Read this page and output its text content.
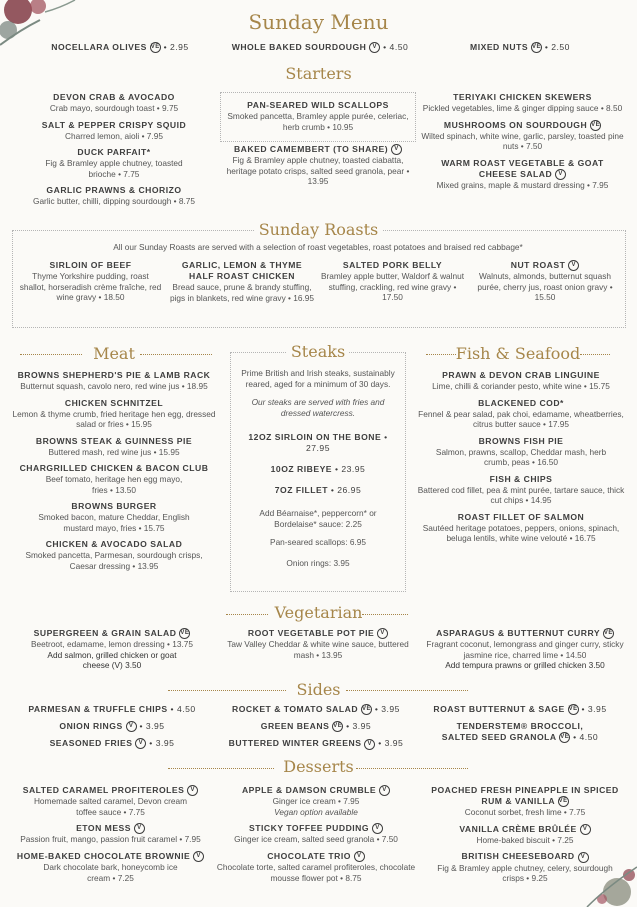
Sunday Menu
NOCELLARA OLIVES VE • 2.95	WHOLE BAKED SOURDOUGH V • 4.50	MIXED NUTS VE • 2.50
Starters
DEVON CRAB & AVOCADO
Crab mayo, sourdough toast • 9.75
SALT & PEPPER CRISPY SQUID
Charred lemon, aioli • 7.95
DUCK PARFAIT*
Fig & Bramley apple chutney, toasted brioche • 7.75
GARLIC PRAWNS & CHORIZO
Garlic butter, chilli, dipping sourdough • 8.75
PAN-SEARED WILD SCALLOPS
Smoked pancetta, Bramley apple purée, celeriac, herb crumb • 10.95
BAKED CAMEMBERT (TO SHARE) V
Fig & Bramley apple chutney, toasted ciabatta, heritage potato crisps, salted seed granola, pear • 13.95
TERIYAKI CHICKEN SKEWERS
Pickled vegetables, lime & ginger dipping sauce • 8.50
MUSHROOMS ON SOURDOUGH VE
Wilted spinach, white wine, garlic, parsley, toasted pine nuts • 7.50
WARM ROAST VEGETABLE & GOAT CHEESE SALAD V
Mixed grains, maple & mustard dressing • 7.95
Sunday Roasts
All our Sunday Roasts are served with a selection of roast vegetables, roast potatoes and braised red cabbage*
SIRLOIN OF BEEF
Thyme Yorkshire pudding, roast shallot, horseradish crème fraîche, red wine gravy • 18.50
GARLIC, LEMON & THYME HALF ROAST CHICKEN
Bread sauce, prune & brandy stuffing, pigs in blankets, red wine gravy • 16.95
SALTED PORK BELLY
Bramley apple butter, Waldorf & walnut stuffing, crackling, red wine gravy • 17.50
NUT ROAST V
Walnuts, almonds, butternut squash purée, cherry jus, roast onion gravy • 15.50
Meat
BROWNS SHEPHERD'S PIE & LAMB RACK
Butternut squash, cavolo nero, red wine jus • 18.95
CHICKEN SCHNITZEL
Lemon & thyme crumb, fried heritage hen egg, dressed salad or fries • 15.95
BROWNS STEAK & GUINNESS PIE
Buttered mash, red wine jus • 15.95
CHARGRILLED CHICKEN & BACON CLUB
Beef tomato, heritage hen egg mayo, fries • 13.50
BROWNS BURGER
Smoked bacon, mature Cheddar, English mustard mayo, fries • 15.75
CHICKEN & AVOCADO SALAD
Smoked pancetta, Parmesan, sourdough crisps, Caesar dressing • 13.95
Steaks
Prime British and Irish steaks, sustainably reared, aged for a minimum of 30 days.
Our steaks are served with fries and dressed watercress.
12OZ SIRLOIN ON THE BONE • 27.95
10OZ RIBEYE • 23.95
7OZ FILLET • 26.95
Add Béarnaise*, peppercorn* or Bordelaise* sauce: 2.25
Pan-seared scallops: 6.95
Onion rings: 3.95
Fish & Seafood
PRAWN & DEVON CRAB LINGUINE
Lime, chilli & coriander pesto, white wine • 15.75
BLACKENED COD*
Fennel & pear salad, pak choi, edamame, wheatberries, citrus butter sauce • 17.95
BROWNS FISH PIE
Salmon, prawns, scallop, Cheddar mash, herb crumb, peas • 16.50
FISH & CHIPS
Battered cod fillet, pea & mint purée, tartare sauce, thick cut chips • 14.95
ROAST FILLET OF SALMON
Sautéed heritage potatoes, peppers, onions, spinach, beluga lentils, white wine velouté • 16.75
Vegetarian
SUPERGREEN & GRAIN SALAD VE
Beetroot, edamame, lemon dressing • 13.75
Add salmon, grilled chicken or goat cheese (V) 3.50
ROOT VEGETABLE POT PIE V
Taw Valley Cheddar & white wine sauce, buttered mash • 13.95
ASPARAGUS & BUTTERNUT CURRY VE
Fragrant coconut, lemongrass and ginger curry, sticky jasmine rice, charred lime • 14.50
Add tempura prawns or grilled chicken 3.50
Sides
PARMESAN & TRUFFLE CHIPS • 4.50
ONION RINGS V • 3.95
SEASONED FRIES V • 3.95
ROCKET & TOMATO SALAD VE • 3.95
GREEN BEANS VE • 3.95
BUTTERED WINTER GREENS V • 3.95
ROAST BUTTERNUT & SAGE VE • 3.95
TENDERSTEM® BROCCOLI, SALTED SEED GRANOLA VE • 4.50
Desserts
SALTED CARAMEL PROFITEROLES V
Homemade salted caramel, Devon cream toffee sauce • 7.75
ETON MESS V
Passion fruit, mango, passion fruit caramel • 7.95
HOME-BAKED CHOCOLATE BROWNIE V
Dark chocolate bark, honeycomb ice cream • 7.25
APPLE & DAMSON CRUMBLE V
Ginger ice cream • 7.95
Vegan option available
STICKY TOFFEE PUDDING V
Ginger ice cream, salted seed granola • 7.50
CHOCOLATE TRIO V
Chocolate torte, salted caramel profiteroles, chocolate mousse flower pot • 8.75
POACHED FRESH PINEAPPLE IN SPICED RUM & VANILLA VE
Coconut sorbet, fresh lime • 7.75
VANILLA CRÈME BRÛLÉE V
Home-baked biscuit • 7.25
BRITISH CHEESEBOARD V
Fig & Bramley apple chutney, celery, sourdough crisps • 9.25
